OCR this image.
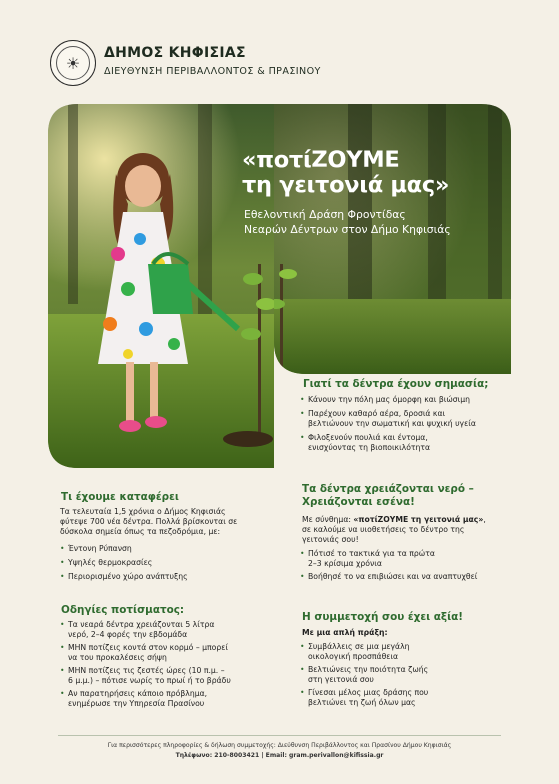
☀
ΔΗΜΟΣ ΚΗΦΙΣΙΑΣ
ΔΙΕΥΘΥΝΣΗ ΠΕΡΙΒΑΛΛΟΝΤΟΣ & ΠΡΑΣΙΝΟΥ
«ποτίΖΟΥΜΕ
τη γειτονιά μας»
Εθελοντική Δράση Φροντίδας
Νεαρών Δέντρων στον Δήμο Κηφισιάς
Γιατί τα δέντρα έχουν σημασία;
• Κάνουν την πόλη μας όμορφη και βιώσιμη
• Παρέχουν καθαρό αέρα, δροσιά και
βελτιώνουν την σωματική και ψυχική υγεία
• Φιλοξενούν πουλιά και έντομα,
ενισχύοντας τη βιοποικιλότητα
Τι έχουμε καταφέρει
Τα τελευταία 1,5 χρόνια ο Δήμος Κηφισιάς
φύτεψε 700 νέα δέντρα. Πολλά βρίσκονται σε
δύσκολα σημεία όπως τα πεζοδρόμια, με:
• Έντονη Ρύπανση
• Υψηλές θερμοκρασίες
• Περιορισμένο χώρο ανάπτυξης
Τα δέντρα χρειάζονται νερό –
Χρειάζονται εσένα!
Με σύνθημα: «ποτίΖΟΥΜΕ τη γειτονιά μας»,
σε καλούμε να υιοθετήσεις το δέντρο της
γειτονιάς σου!
• Πότισέ το τακτικά για τα πρώτα
2–3 κρίσιμα χρόνια
• Βοήθησέ το να επιβιώσει και να αναπτυχθεί
Οδηγίες ποτίσματος:
• Τα νεαρά δέντρα χρειάζονται 5 λίτρα
νερό, 2–4 φορές την εβδομάδα
• ΜΗΝ ποτίζεις κοντά στον κορμό – μπορεί
να του προκαλέσεις σήψη
• ΜΗΝ ποτίζεις τις ζεστές ώρες (10 π.μ. –
6 μ.μ.) – πότισε νωρίς το πρωί ή το βράδυ
• Αν παρατηρήσεις κάποιο πρόβλημα,
ενημέρωσε την Υπηρεσία Πρασίνου
Η συμμετοχή σου έχει αξία!
Με μια απλή πράξη:
• Συμβάλλεις σε μια μεγάλη
οικολογική προσπάθεια
• Βελτιώνεις την ποιότητα ζωής
στη γειτονιά σου
• Γίνεσαι μέλος μιας δράσης που
βελτιώνει τη ζωή όλων μας
Για περισσότερες πληροφορίες & δήλωση συμμετοχής: Διεύθυνση Περιβάλλοντος και Πρασίνου Δήμου Κηφισιάς
Τηλέφωνο: 210-8003421 | Email: gram.perivallon@kifissia.gr
